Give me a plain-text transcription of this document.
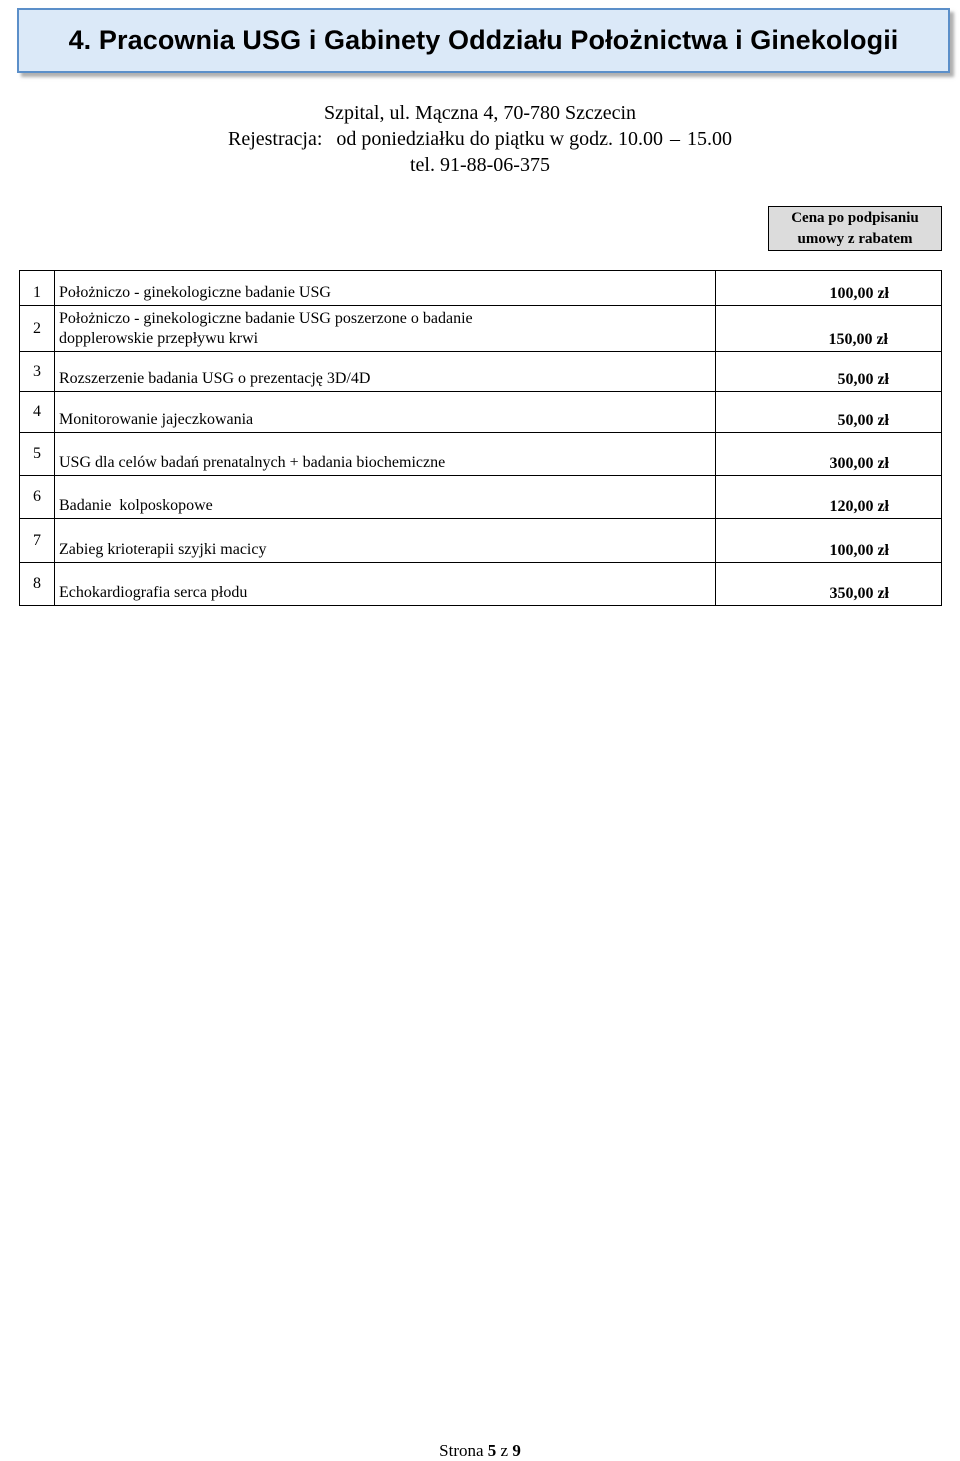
4. Pracownia USG i Gabinety Oddziału Położnictwa i Ginekologii
Szpital, ul. Mączna 4, 70-780 Szczecin
Rejestracja: od poniedziałku do piątku w godz. 10.00 – 15.00
tel. 91-88-06-375
Cena po podpisaniu
umowy z rabatem
1	Położniczo - ginekologiczne badanie USG	100,00 zł
2	Położniczo - ginekologiczne badanie USG poszerzone o badanie dopplerowskie przepływu krwi	150,00 zł
3	Rozszerzenie badania USG o prezentację 3D/4D	50,00 zł
4	Monitorowanie jajeczkowania	50,00 zł
5	USG dla celów badań prenatalnych + badania biochemiczne	300,00 zł
6	Badanie  kolposkopowe	120,00 zł
7	Zabieg krioterapii szyjki macicy	100,00 zł
8	Echokardiografia serca płodu	350,00 zł
Strona 5 z 9
